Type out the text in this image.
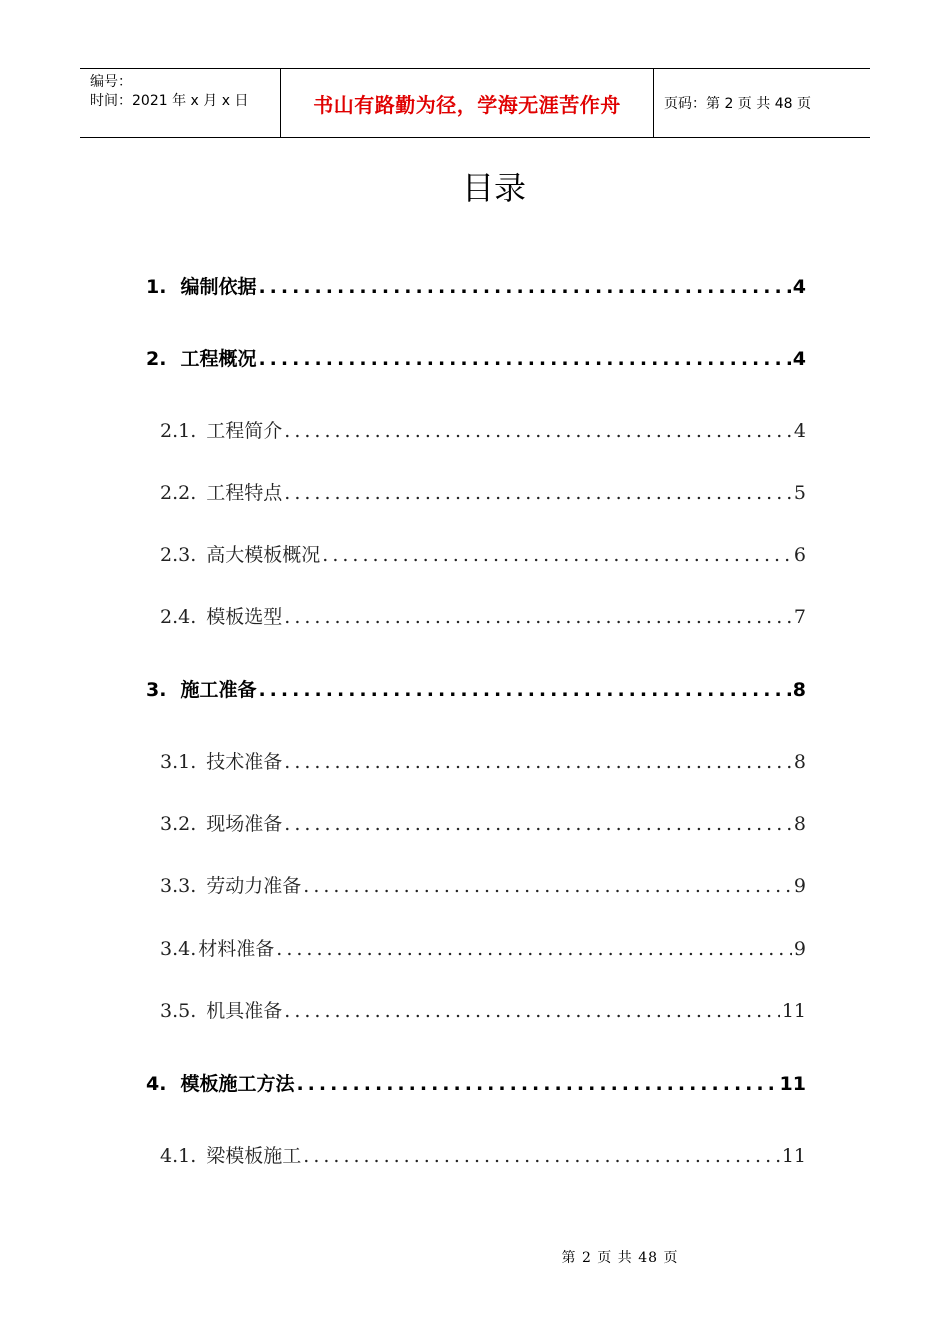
编号：
时间：2021 年 x 月 x 日	书山有路勤为径，学海无涯苦作舟	页码：第 2 页 共 48 页
目录
1. 编制依据 .....	4
2. 工程概况 .....	4
2.1. 工程简介 .....	4
2.2. 工程特点 .....	5
2.3. 高大模板概况 .....	6
2.4. 模板选型 .....	7
3. 施工准备 .....	8
3.1. 技术准备 .....	8
3.2. 现场准备 .....	8
3.3. 劳动力准备 .....	9
3.4. 材料准备 .....	9
3.5. 机具准备 .....	11
4. 模板施工方法 .....	11
4.1. 梁模板施工 .....	11
第 2 页 共 48 页
